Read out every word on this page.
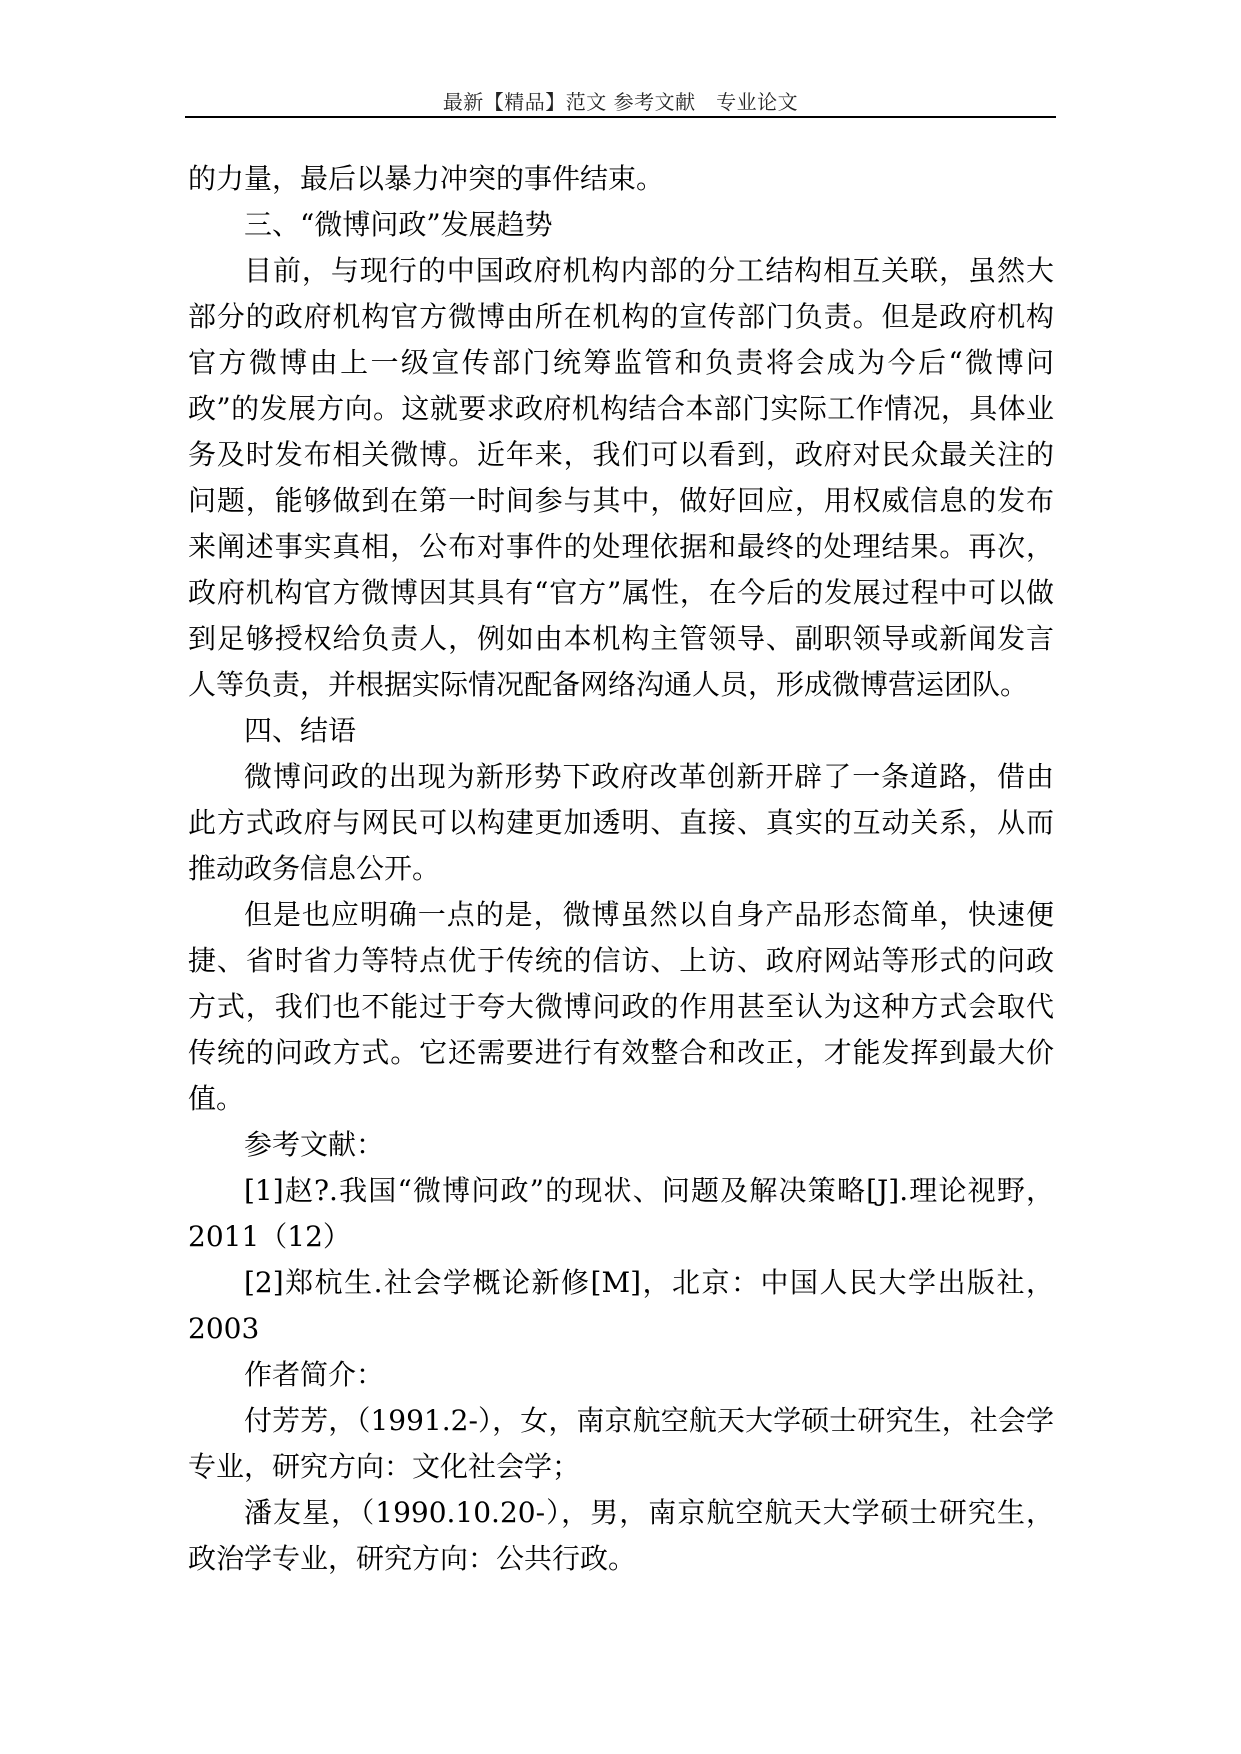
最新【精品】范文 参考文献　专业论文

的力量，最后以暴力冲突的事件结束。

三、“微博问政”发展趋势

目前，与现行的中国政府机构内部的分工结构相互关联，虽然大部分的政府机构官方微博由所在机构的宣传部门负责。但是政府机构官方微博由上一级宣传部门统筹监管和负责将会成为今后“微博问政”的发展方向。这就要求政府机构结合本部门实际工作情况，具体业务及时发布相关微博。近年来，我们可以看到，政府对民众最关注的问题，能够做到在第一时间参与其中，做好回应，用权威信息的发布来阐述事实真相，公布对事件的处理依据和最终的处理结果。再次，政府机构官方微博因其具有“官方”属性，在今后的发展过程中可以做到足够授权给负责人，例如由本机构主管领导、副职领导或新闻发言人等负责，并根据实际情况配备网络沟通人员，形成微博营运团队。

四、结语

微博问政的出现为新形势下政府改革创新开辟了一条道路，借由此方式政府与网民可以构建更加透明、直接、真实的互动关系，从而推动政务信息公开。

但是也应明确一点的是，微博虽然以自身产品形态简单，快速便捷、省时省力等特点优于传统的信访、上访、政府网站等形式的问政方式，我们也不能过于夸大微博问政的作用甚至认为这种方式会取代传统的问政方式。它还需要进行有效整合和改正，才能发挥到最大价值。

参考文献：

[1]赵?.我国“微博问政”的现状、问题及解决策略[J].理论视野，2011（12）

[2]郑杭生.社会学概论新修[M]，北京：中国人民大学出版社，2003

作者简介：

付芳芳，（1991.2-），女，南京航空航天大学硕士研究生，社会学专业，研究方向：文化社会学；

潘友星，（1990.10.20-），男，南京航空航天大学硕士研究生，政治学专业，研究方向：公共行政。
